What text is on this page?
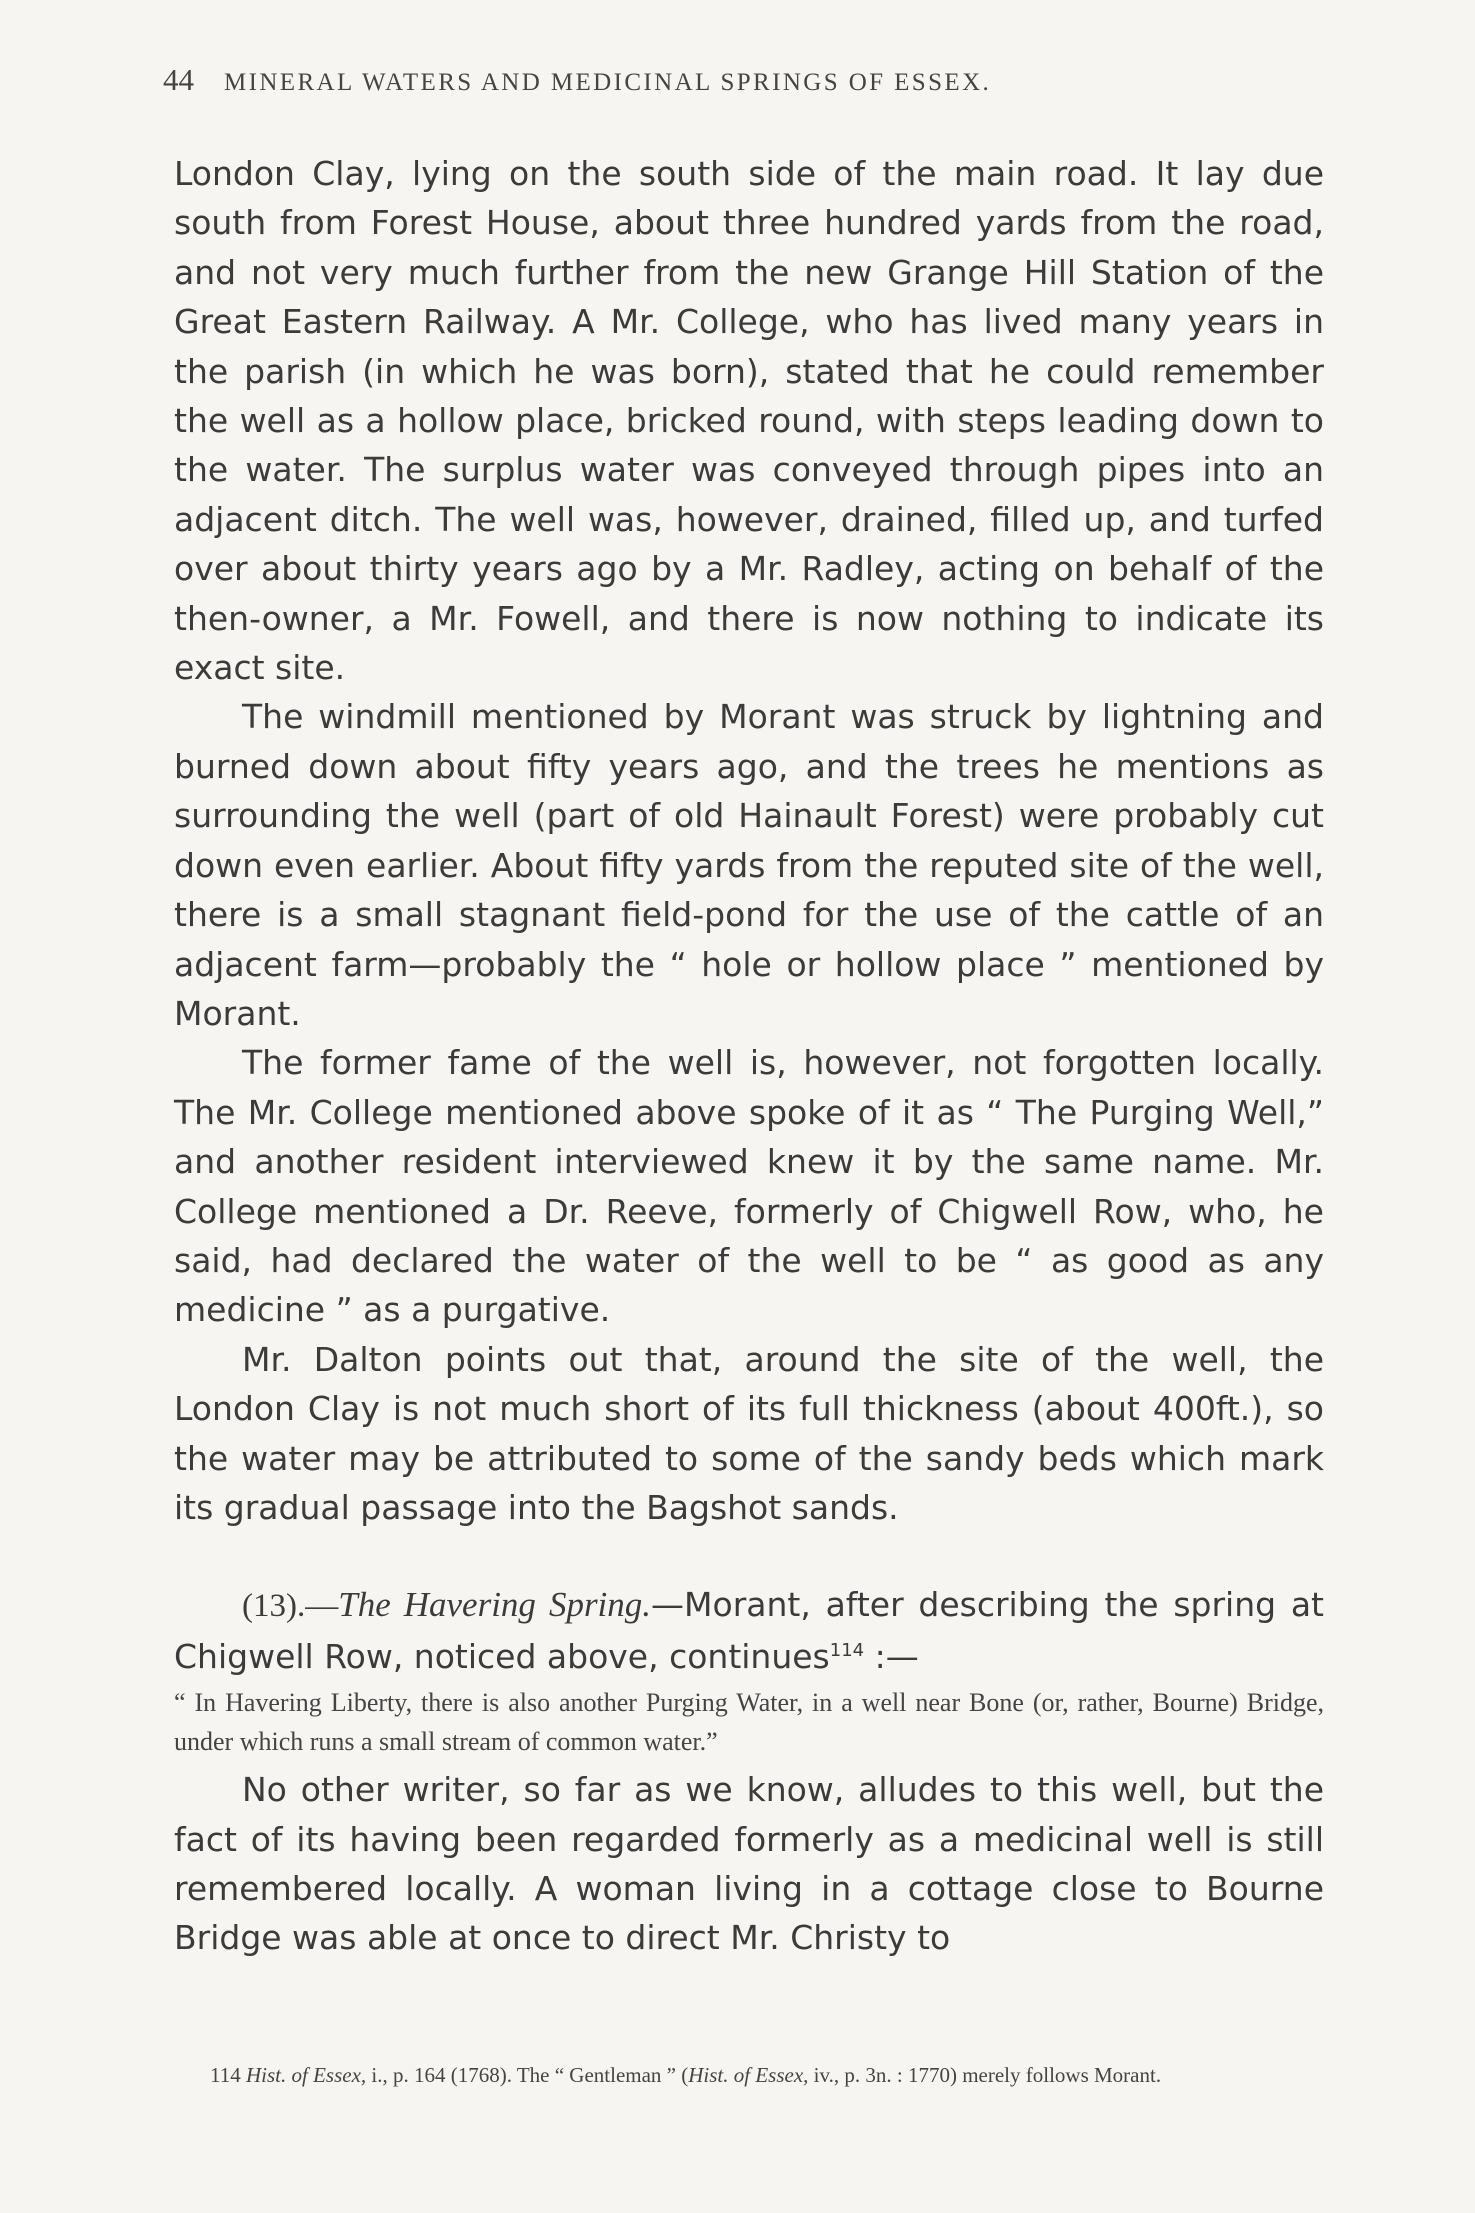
44 MINERAL WATERS AND MEDICINAL SPRINGS OF ESSEX.

London Clay, lying on the south side of the main road. It lay due south from Forest House, about three hundred yards from the road, and not very much further from the new Grange Hill Station of the Great Eastern Railway. A Mr. College, who has lived many years in the parish (in which he was born), stated that he could remember the well as a hollow place, bricked round, with steps leading down to the water. The surplus water was conveyed through pipes into an adjacent ditch. The well was, however, drained, filled up, and turfed over about thirty years ago by a Mr. Radley, acting on behalf of the then-owner, a Mr. Fowell, and there is now nothing to indicate its exact site.

The windmill mentioned by Morant was struck by lightning and burned down about fifty years ago, and the trees he mentions as surrounding the well (part of old Hainault Forest) were probably cut down even earlier. About fifty yards from the reputed site of the well, there is a small stagnant field-pond for the use of the cattle of an adjacent farm—probably the “ hole or hollow place ” mentioned by Morant.

The former fame of the well is, however, not forgotten locally. The Mr. College mentioned above spoke of it as “ The Purging Well,” and another resident interviewed knew it by the same name. Mr. College mentioned a Dr. Reeve, formerly of Chigwell Row, who, he said, had declared the water of the well to be “ as good as any medicine ” as a purgative.

Mr. Dalton points out that, around the site of the well, the London Clay is not much short of its full thickness (about 400ft.), so the water may be attributed to some of the sandy beds which mark its gradual passage into the Bagshot sands.

(13).—The Havering Spring.—Morant, after describing the spring at Chigwell Row, noticed above, continues$^{114}$ :—

“ In Havering Liberty, there is also another Purging Water, in a well near Bone (or, rather, Bourne) Bridge, under which runs a small stream of common water.”

No other writer, so far as we know, alludes to this well, but the fact of its having been regarded formerly as a medicinal well is still remembered locally. A woman living in a cottage close to Bourne Bridge was able at once to direct Mr. Christy to

114 Hist. of Essex, i., p. 164 (1768). The “ Gentleman ” (Hist. of Essex, iv., p. 3n. : 1770) merely follows Morant.
